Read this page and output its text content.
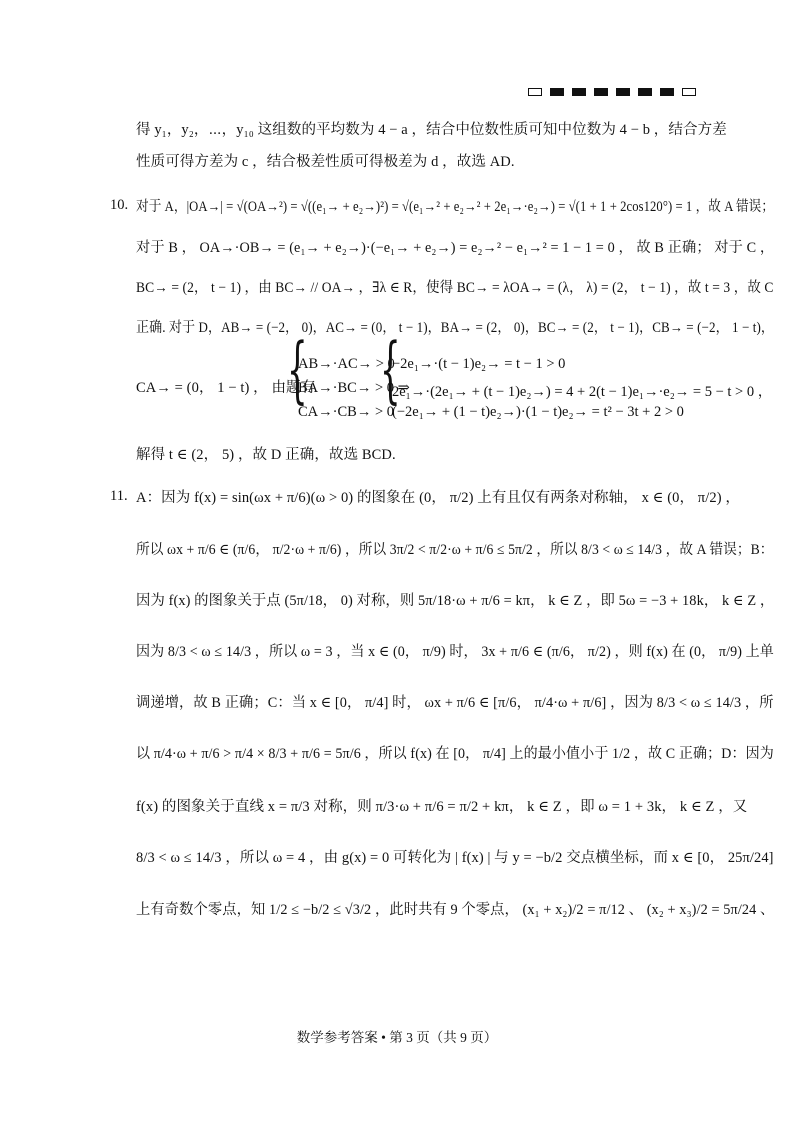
得 y₁，y₂，⋯，y₁₀ 这组数的平均数为 4 − a ，结合中位数性质可知中位数为 4 − b ，结合方差
性质可得方差为 c ，结合极差性质可得极差为 d ，故选 AD.
对于 A，|OA→| = √(OA→²) = √((e₁→ + e₂→)²) = √(e₁→² + e₂→² + 2e₁→·e₂→) = √(1 + 1 + 2cos120°) = 1 ，故 A 错误；
对于 B ， OA→·OB→ = (e₁→ + e₂→)·(−e₁→ + e₂→) = e₂→² − e₁→² = 1 − 1 = 0 ， 故 B 正确； 对于 C ，
BC→ = (2， t − 1) ，由 BC→ // OA→ ，∃λ ∈ R，使得 BC→ = λOA→ = (λ， λ) = (2， t − 1) ，故 t = 3 ，故 C
正确. 对于 D，AB→ = (−2， 0)，AC→ = (0， t − 1)，BA→ = (2， 0)，BC→ = (2， t − 1)，CB→ = (−2， 1 − t)，
CA→ = (0， 1 − t) ， 由题有
解得 t ∈ (2， 5) ，故 D 正确，故选 BCD.
A：因为 f(x) = sin(ωx + π/6)(ω > 0) 的图象在 (0， π/2) 上有且仅有两条对称轴， x ∈ (0， π/2) ，
所以 ωx + π/6 ∈ (π/6， π/2·ω + π/6) ，所以 3π/2 < π/2·ω + π/6 ≤ 5π/2 ，所以 8/3 < ω ≤ 14/3 ，故 A 错误；B：
因为 f(x) 的图象关于点 (5π/18， 0) 对称，则 5π/18·ω + π/6 = kπ， k ∈ Z ，即 5ω = −3 + 18k， k ∈ Z ，
因为 8/3 < ω ≤ 14/3 ，所以 ω = 3 ，当 x ∈ (0， π/9) 时， 3x + π/6 ∈ (π/6， π/2) ，则 f(x) 在 (0， π/9) 上单
调递增，故 B 正确；C：当 x ∈ [0， π/4] 时， ωx + π/6 ∈ [π/6， π/4·ω + π/6] ，因为 8/3 < ω ≤ 14/3 ，所
以 π/4·ω + π/6 > π/4 × 8/3 + π/6 = 5π/6 ，所以 f(x) 在 [0， π/4] 上的最小值小于 1/2 ，故 C 正确；D：因为
f(x) 的图象关于直线 x = π/3 对称，则 π/3·ω + π/6 = π/2 + kπ， k ∈ Z ，即 ω = 1 + 3k， k ∈ Z ，又
8/3 < ω ≤ 14/3 ，所以 ω = 4 ，由 g(x) = 0 可转化为 | f(x) | 与 y = −b/2 交点横坐标，而 x ∈ [0， 25π/24]
上有奇数个零点，知 1/2 ≤ −b/2 ≤ √3/2 ，此时共有 9 个零点， (x₁ + x₂)/2 = π/12 、 (x₂ + x₃)/2 = 5π/24 、
10.
11.
{
AB→·AC→ > 0
BA→·BC→ > 0 ⇒
CA→·CB→ > 0
{
−2e₁→·(t − 1)e₂→ = t − 1 > 0
2e₁→·(2e₁→ + (t − 1)e₂→) = 4 + 2(t − 1)e₁→·e₂→ = 5 − t > 0 ，
(−2e₁→ + (1 − t)e₂→)·(1 − t)e₂→ = t² − 3t + 2 > 0
数学参考答案 • 第 3 页（共 9 页）
